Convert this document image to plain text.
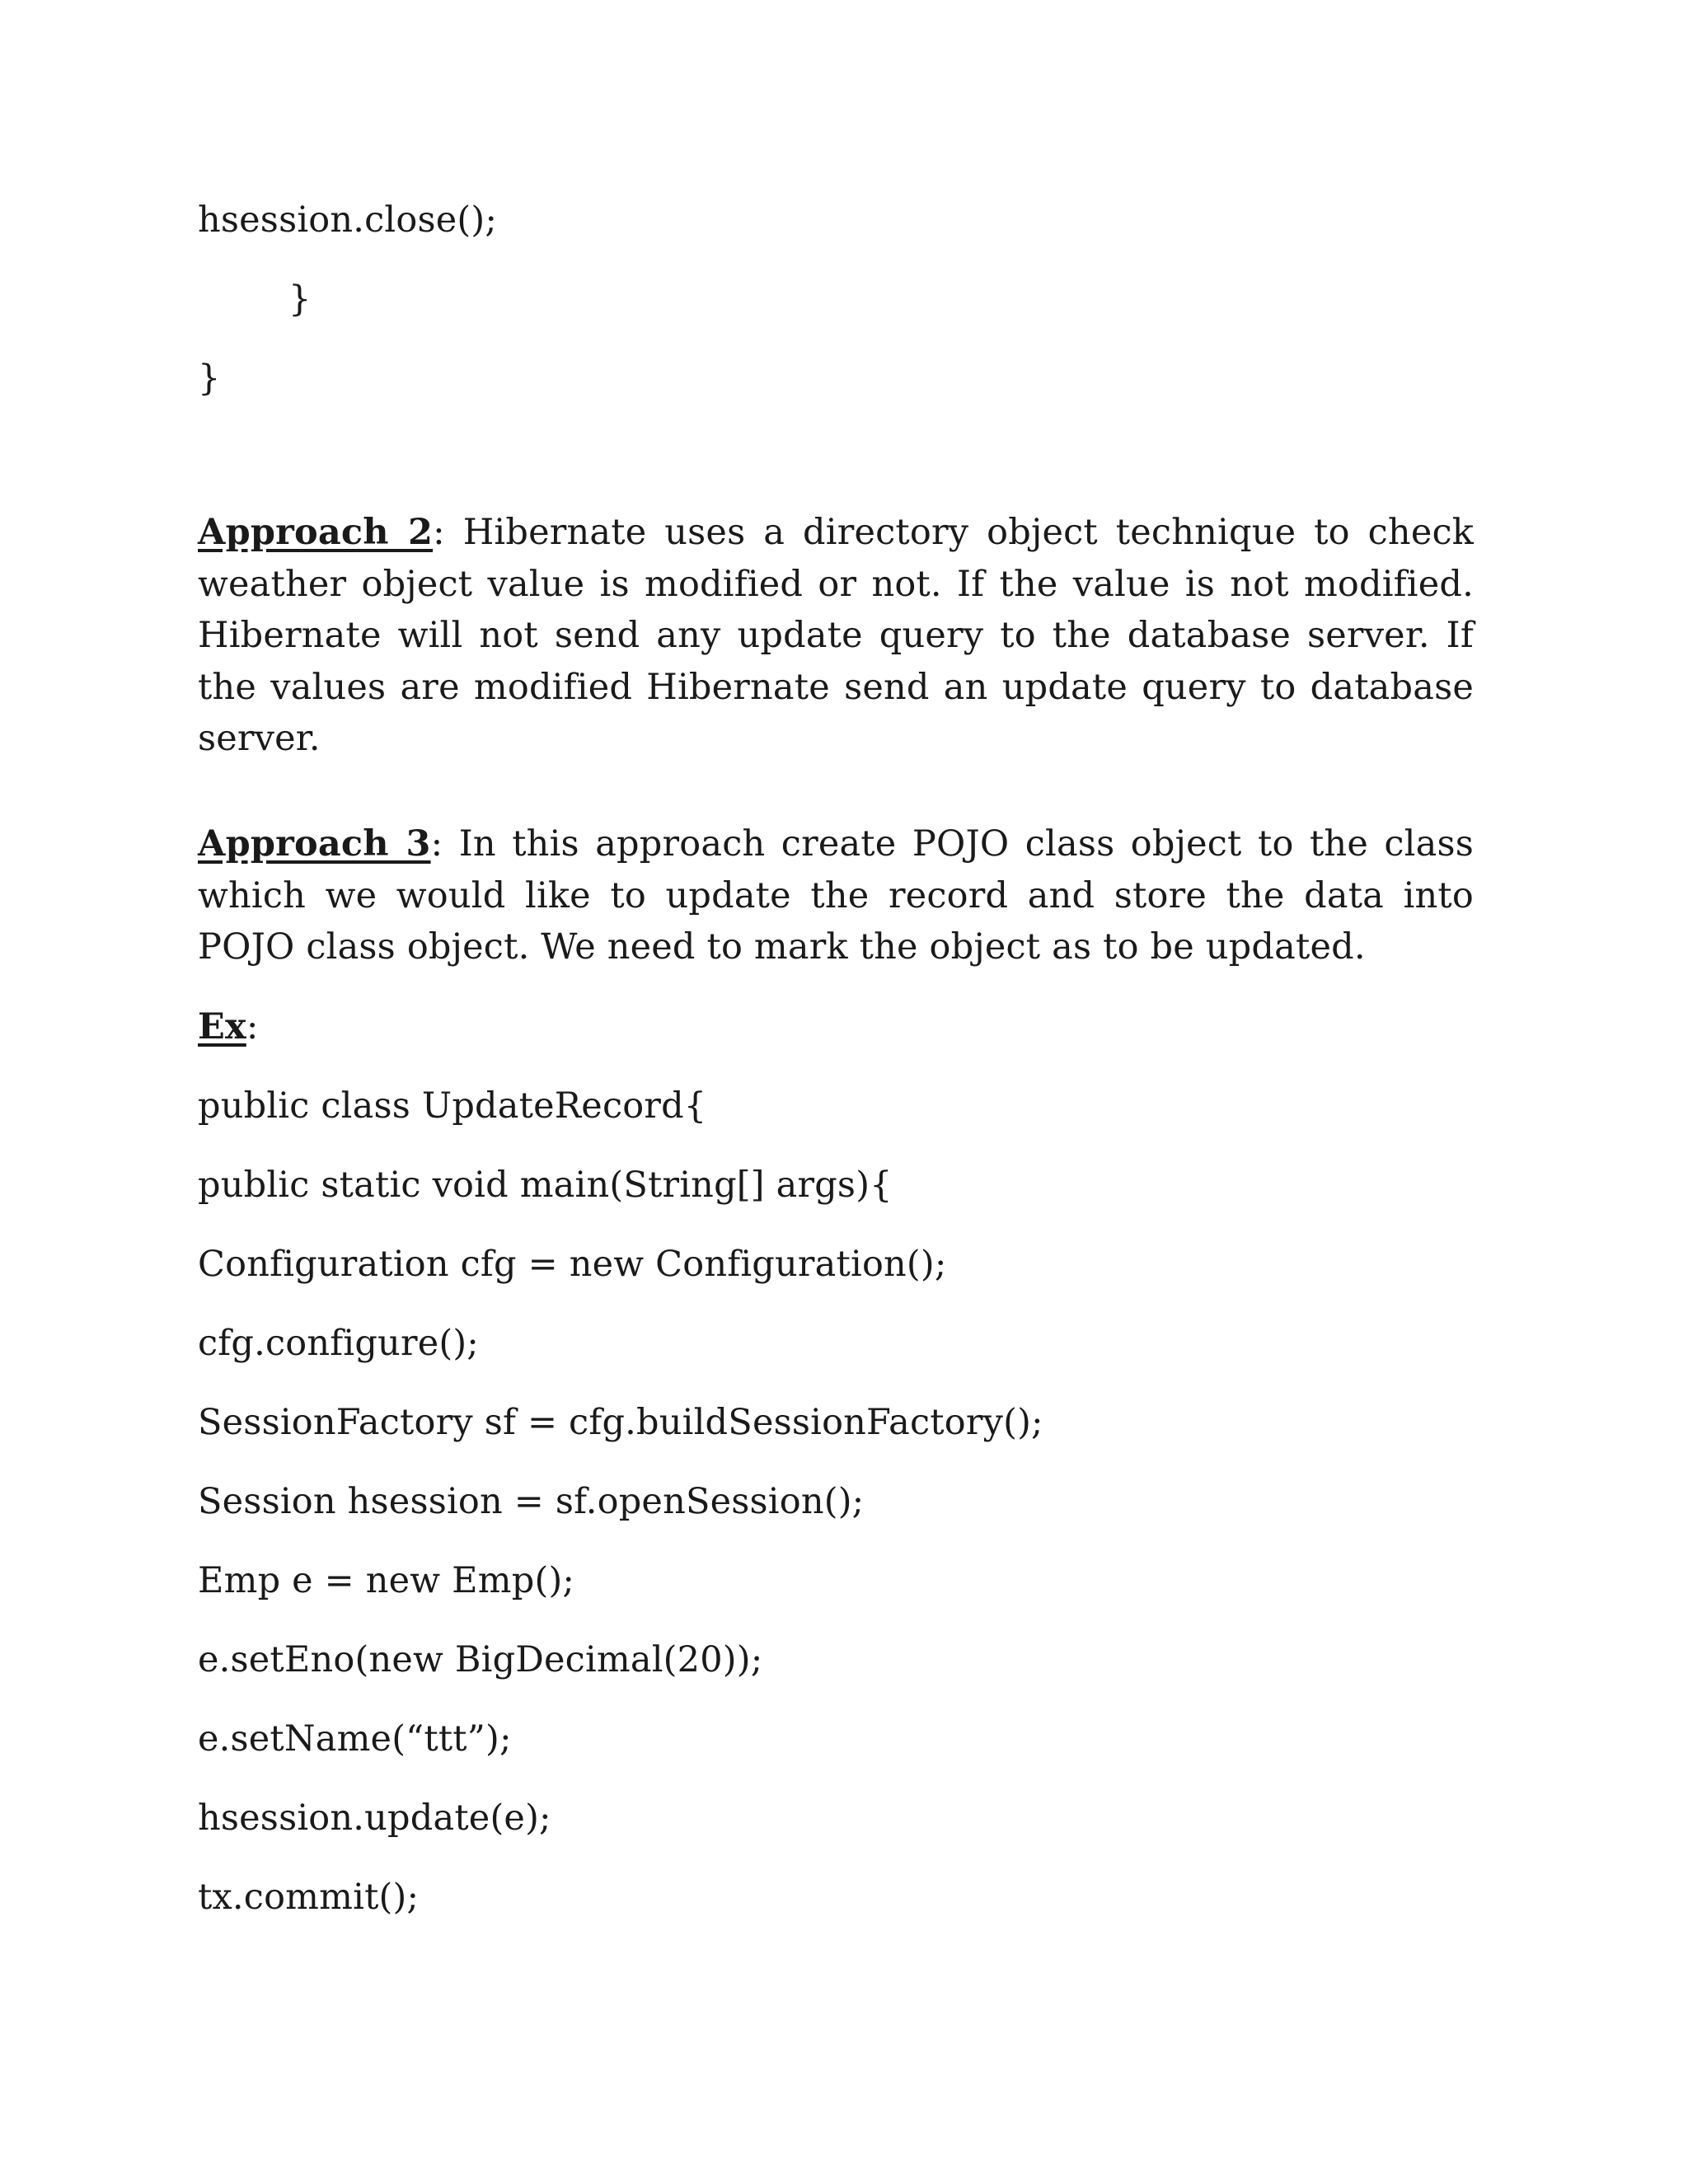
hsession.close();
}
}
Approach 2: Hibernate uses a directory object technique to check weather object value is modified or not. If the value is not modified. Hibernate will not send any update query to the database server. If the values are modified Hibernate send an update query to database server.
Approach 3: In this approach create POJO class object to the class which we would like to update the record and store the data into POJO class object. We need to mark the object as to be updated.
Ex:
public class UpdateRecord{
public static void main(String[] args){
Configuration cfg = new Configuration();
cfg.configure();
SessionFactory sf = cfg.buildSessionFactory();
Session hsession = sf.openSession();
Emp e = new Emp();
e.setEno(new BigDecimal(20));
e.setName(“ttt”);
hsession.update(e);
tx.commit();
